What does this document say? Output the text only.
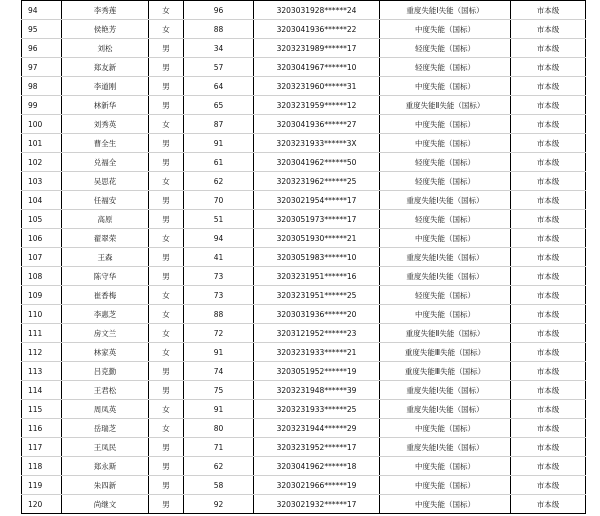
94	李秀莲	女	96	3203031928******24	重度失能Ⅰ失能（国标）	市本级
95	侯艳芳	女	88	3203041936******22	中度失能（国标）	市本级
96	刘松	男	34	3203231989******17	轻度失能（国标）	市本级
97	郑友新	男	57	3203041967******10	轻度失能（国标）	市本级
98	李道刚	男	64	3203231960******31	中度失能（国标）	市本级
99	林新华	男	65	3203231959******12	重度失能Ⅱ失能（国标）	市本级
100	刘秀英	女	87	3203041936******27	中度失能（国标）	市本级
101	曹全生	男	91	3203231933******3X	中度失能（国标）	市本级
102	兑福全	男	61	3203041962******50	轻度失能（国标）	市本级
103	吴思花	女	62	3203231962******25	轻度失能（国标）	市本级
104	任福安	男	70	3203021954******17	重度失能Ⅰ失能（国标）	市本级
105	高原	男	51	3203051973******17	轻度失能（国标）	市本级
106	翟翠荣	女	94	3203051930******21	中度失能（国标）	市本级
107	王森	男	41	3203051983******10	重度失能Ⅰ失能（国标）	市本级
108	陈守华	男	73	3203231951******16	重度失能Ⅰ失能（国标）	市本级
109	崔香梅	女	73	3203231951******25	轻度失能（国标）	市本级
110	李惠芝	女	88	3203031936******20	中度失能（国标）	市本级
111	房文兰	女	72	3203121952******23	重度失能Ⅱ失能（国标）	市本级
112	林家英	女	91	3203231933******21	重度失能Ⅲ失能（国标）	市本级
113	吕克勤	男	74	3203051952******19	重度失能Ⅲ失能（国标）	市本级
114	王君松	男	75	3203231948******39	重度失能Ⅰ失能（国标）	市本级
115	周凤英	女	91	3203231933******25	重度失能Ⅰ失能（国标）	市本级
116	岳瑞芝	女	80	3203231944******29	中度失能（国标）	市本级
117	王凤民	男	71	3203231952******17	重度失能Ⅰ失能（国标）	市本级
118	郑永斯	男	62	3203041962******18	中度失能（国标）	市本级
119	朱四新	男	58	3203021966******19	中度失能（国标）	市本级
120	尚继文	男	92	3203021932******17	中度失能（国标）	市本级
